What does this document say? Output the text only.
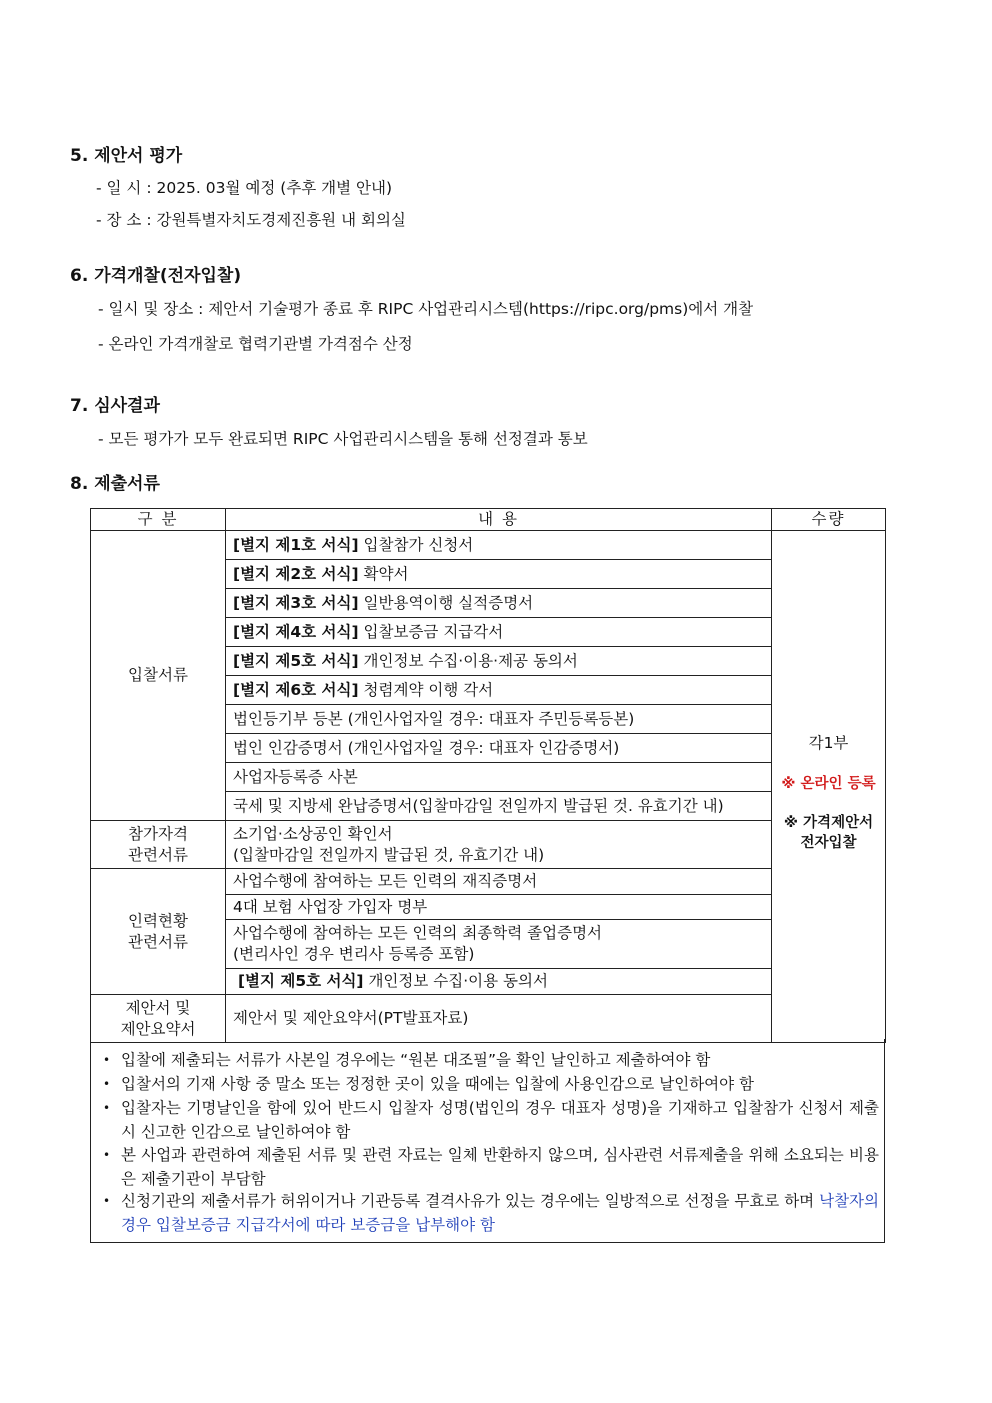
5. 제안서 평가
- 일 시 : 2025. 03월 예정 (추후 개별 안내)
- 장 소 : 강원특별자치도경제진흥원 내 회의실
6. 가격개찰(전자입찰)
- 일시 및 장소 : 제안서 기술평가 종료 후 RIPC 사업관리시스템(https://ripc.org/pms)에서 개찰
- 온라인 가격개찰로 협력기관별 가격점수 산정
7. 심사결과
- 모든 평가가 모두 완료되면 RIPC 사업관리시스템을 통해 선정결과 통보
8. 제출서류
구 분	내 용	수량
입찰서류	[별지 제1호 서식] 입찰참가 신청서	각1부
※ 온라인 등록
※ 가격제안서
전자입찰

	[별지 제2호 서식] 확약서	
	[별지 제3호 서식] 일반용역이행 실적증명서	
	[별지 제4호 서식] 입찰보증금 지급각서	
	[별지 제5호 서식] 개인정보 수집·이용·제공 동의서	
	[별지 제6호 서식] 청렴계약 이행 각서	
	법인등기부 등본 (개인사업자일 경우: 대표자 주민등록등본)	
	법인 인감증명서 (개인사업자일 경우: 대표자 인감증명서)	
	사업자등록증 사본	
	국세 및 지방세 완납증명서(입찰마감일 전일까지 발급된 것. 유효기간 내)	
참가자격
관련서류	소기업·소상공인 확인서
(입찰마감일 전일까지 발급된 것, 유효기간 내)	
인력현황
관련서류	사업수행에 참여하는 모든 인력의 재직증명서	
	4대 보험 사업장 가입자 명부	
	사업수행에 참여하는 모든 인력의 최종학력 졸업증명서
(변리사인 경우 변리사 등록증 포함)	
	[별지 제5호 서식] 개인정보 수집·이용 동의서	
제안서 및
제안요약서	제안서 및 제안요약서(PT발표자료)	
• 입찰에 제출되는 서류가 사본일 경우에는 “원본 대조필”을 확인 날인하고 제출하여야 함
• 입찰서의 기재 사항 중 말소 또는 정정한 곳이 있을 때에는 입찰에 사용인감으로 날인하여야 함
• 입찰자는 기명날인을 함에 있어 반드시 입찰자 성명(법인의 경우 대표자 성명)을 기재하고 입찰참가 신청서 제출 시 신고한 인감으로 날인하여야 함
• 본 사업과 관련하여 제출된 서류 및 관련 자료는 일체 반환하지 않으며, 심사관련 서류제출을 위해 소요되는 비용은 제출기관이 부담함
• 신청기관의 제출서류가 허위이거나 기관등록 결격사유가 있는 경우에는 일방적으로 선정을 무효로 하며 낙찰자의 경우 입찰보증금 지급각서에 따라 보증금을 납부해야 함
